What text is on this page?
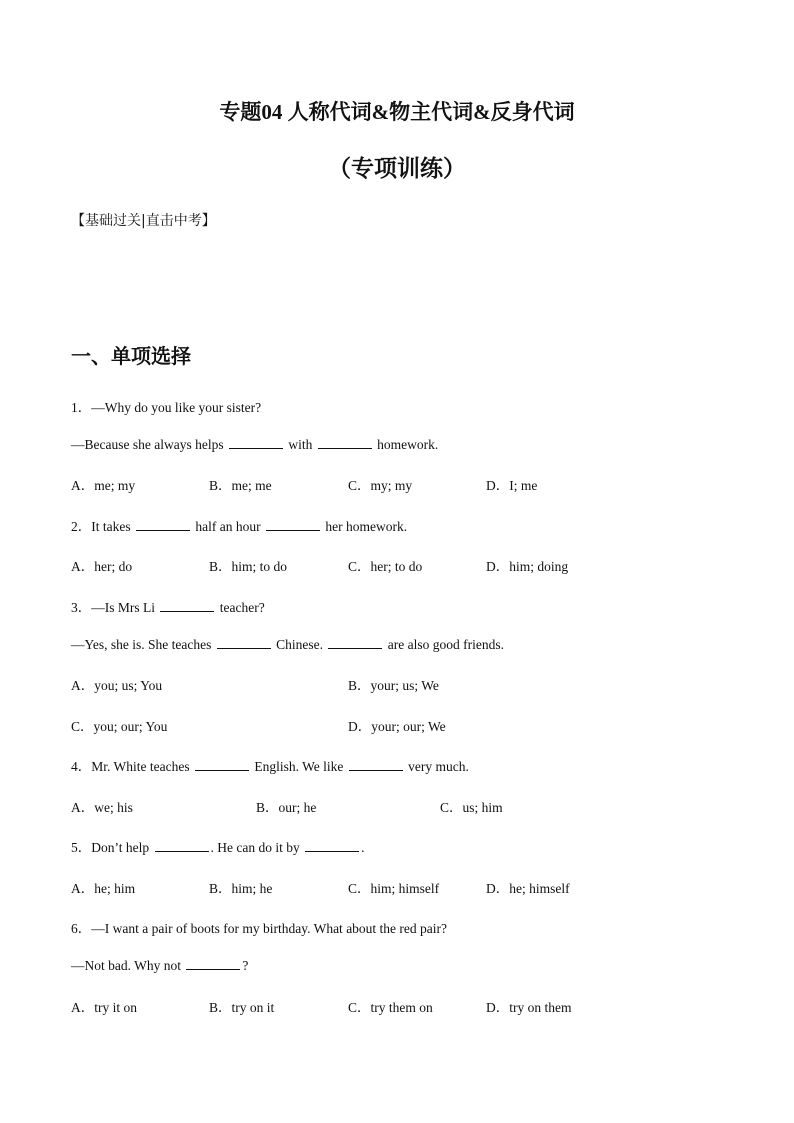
专题04 人称代词&物主代词&反身代词
（专项训练）
【基础过关|直击中考】
一、单项选择
1．—Why do you like your sister?
—Because she always helps	with	homework.
A．me; my	B．me; me	C．my; my	D．I; me
2．It takes	half an hour	her homework.
A．her; do	B．him; to do	C．her; to do	D．him; doing
3．—Is Mrs Li	teacher?
—Yes, she is. She teaches	Chinese.	are also good friends.
A．you; us; You	B．your; us; We
C．you; our; You	D．your; our; We
4．Mr. White teaches	English. We like	very much.
A．we; his	B．our; he	C．us; him
5．Don’t help	. He can do it by	.
A．he; him	B．him; he	C．him; himself	D．he; himself
6．—I want a pair of boots for my birthday. What about the red pair?
—Not bad. Why not	?
A．try it on	B．try on it	C．try them on	D．try on them
